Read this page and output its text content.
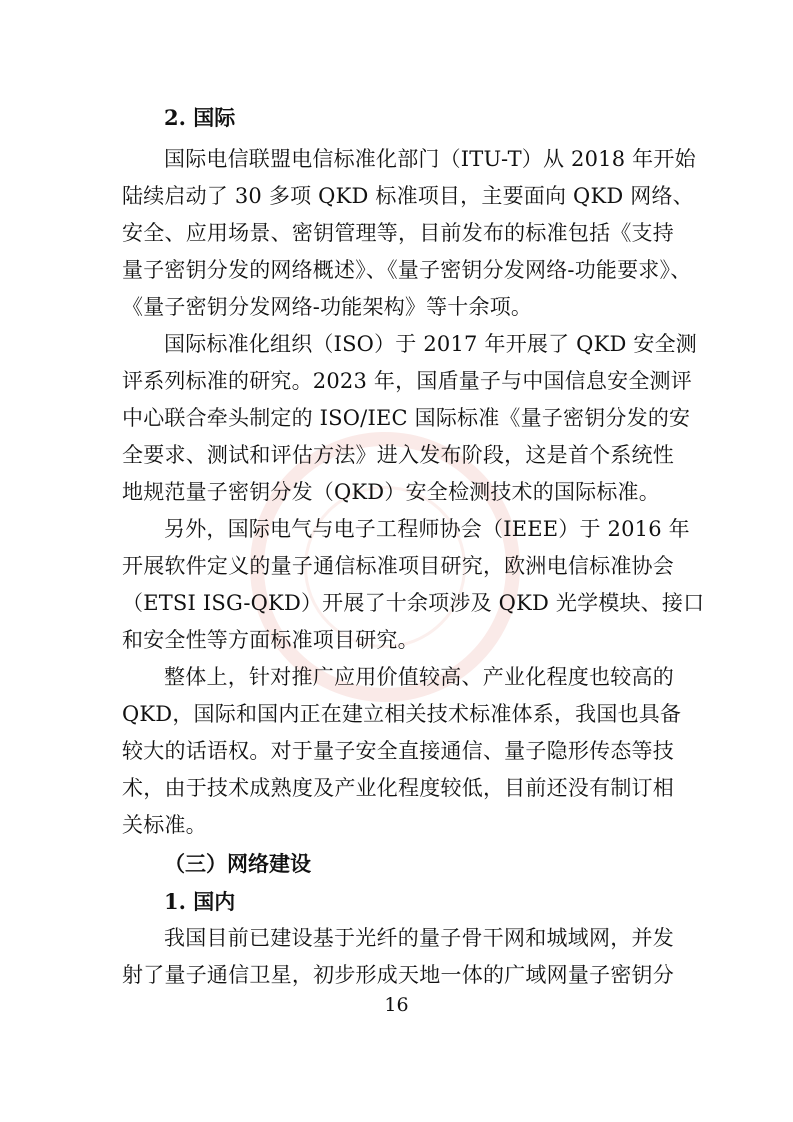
2. 国际
国际电信联盟电信标准化部门（ITU-T）从 2018 年开始
陆续启动了 30 多项 QKD 标准项目，主要面向 QKD 网络、
安全、应用场景、密钥管理等，目前发布的标准包括《支持
量子密钥分发的网络概述》、《量子密钥分发网络-功能要求》、
《量子密钥分发网络-功能架构》等十余项。
国际标准化组织（ISO）于 2017 年开展了 QKD 安全测
评系列标准的研究。2023 年，国盾量子与中国信息安全测评
中心联合牵头制定的 ISO/IEC 国际标准《量子密钥分发的安
全要求、测试和评估方法》进入发布阶段，这是首个系统性
地规范量子密钥分发（QKD）安全检测技术的国际标准。
另外，国际电气与电子工程师协会（IEEE）于 2016 年
开展软件定义的量子通信标准项目研究，欧洲电信标准协会
（ETSI ISG-QKD）开展了十余项涉及 QKD 光学模块、接口
和安全性等方面标准项目研究。
整体上，针对推广应用价值较高、产业化程度也较高的
QKD，国际和国内正在建立相关技术标准体系，我国也具备
较大的话语权。对于量子安全直接通信、量子隐形传态等技
术，由于技术成熟度及产业化程度较低，目前还没有制订相
关标准。
（三）网络建设
1. 国内
我国目前已建设基于光纤的量子骨干网和城域网，并发
射了量子通信卫星，初步形成天地一体的广域网量子密钥分
16
